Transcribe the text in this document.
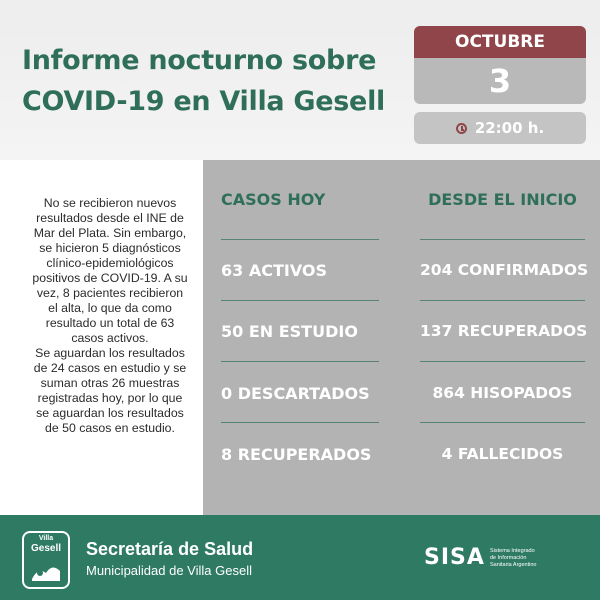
Informe nocturno sobre
COVID-19 en Villa Gesell
OCTUBRE
3
22:00 h.

No se recibieron nuevos

resultados desde el INE de

Mar del Plata. Sin embargo,

se hicieron 5 diagnósticos

clínico-epidemiológicos

positivos de COVID-19. A su

vez, 8 pacientes recibieron

el alta, lo que da como

resultado un total de 63

casos activos.

Se aguardan los resultados

de 24 casos en estudio y se

suman otras 26 muestras

registradas hoy, por lo que

se aguardan los resultados

de 50 casos en estudio.

CASOS HOY
63 ACTIVOS
50 EN ESTUDIO
0 DESCARTADOS
8 RECUPERADOS
DESDE EL INICIO
204 CONFIRMADOS
137 RECUPERADOS
864 HISOPADOS
4 FALLECIDOS
Villa
Gesell	Secretaría de Salud
Municipalidad de Villa Gesell
SISA Sistema Integrado
de Información
Sanitaria Argentino
